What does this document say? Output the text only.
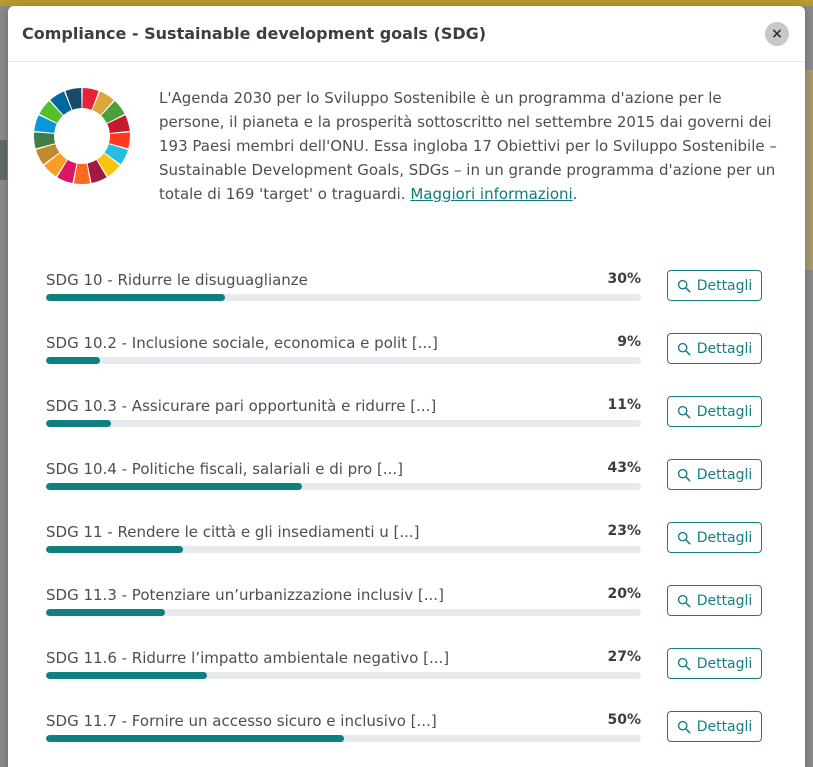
Compliance - Sustainable development goals (SDG)	×

L'Agenda 2030 per lo Sviluppo Sostenibile è un programma d'azione per le persone, il pianeta e la prosperità sottoscritto nel settembre 2015 dai governi dei 193 Paesi membri dell'ONU. Essa ingloba 17 Obiettivi per lo Sviluppo Sostenibile – Sustainable Development Goals, SDGs – in un grande programma d'azione per un totale di 169 'target' o traguardi. Maggiori informazioni.

SDG 10 - Ridurre le disuguaglianze	30%	Dettagli
SDG 10.2 - Inclusione sociale, economica e polit [...]	9%	Dettagli
SDG 10.3 - Assicurare pari opportunità e ridurre [...]	11%	Dettagli
SDG 10.4 - Politiche fiscali, salariali e di pro [...]	43%	Dettagli
SDG 11 - Rendere le città e gli insediamenti u [...]	23%	Dettagli
SDG 11.3 - Potenziare un’urbanizzazione inclusiv [...]	20%	Dettagli
SDG 11.6 - Ridurre l’impatto ambientale negativo [...]	27%	Dettagli
SDG 11.7 - Fornire un accesso sicuro e inclusivo [...]	50%	Dettagli
